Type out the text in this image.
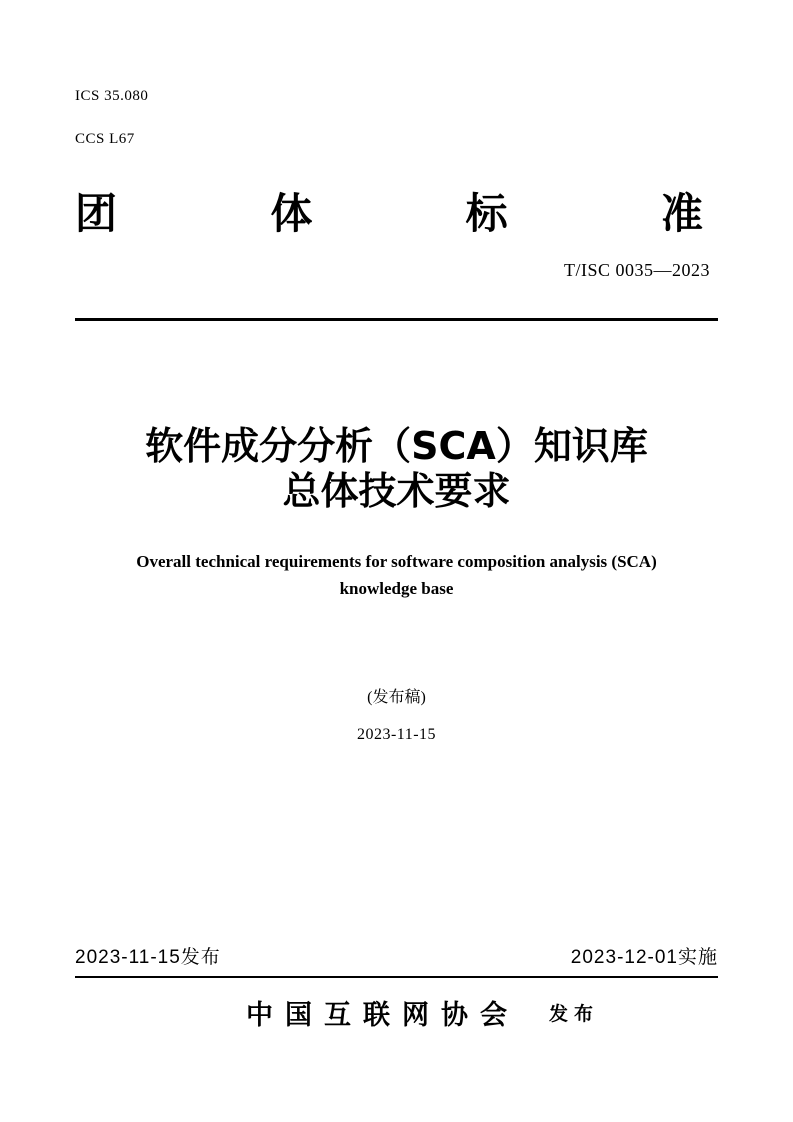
ICS 35.080
CCS L67
团	体	标	准
T/ISC 0035—2023
软件成分分析（SCA）知识库
总体技术要求
Overall technical requirements for software composition analysis (SCA)
knowledge base
(发布稿)
2023-11-15
2023-11-15发布	2023-12-01实施
中国互联网协会 发布
